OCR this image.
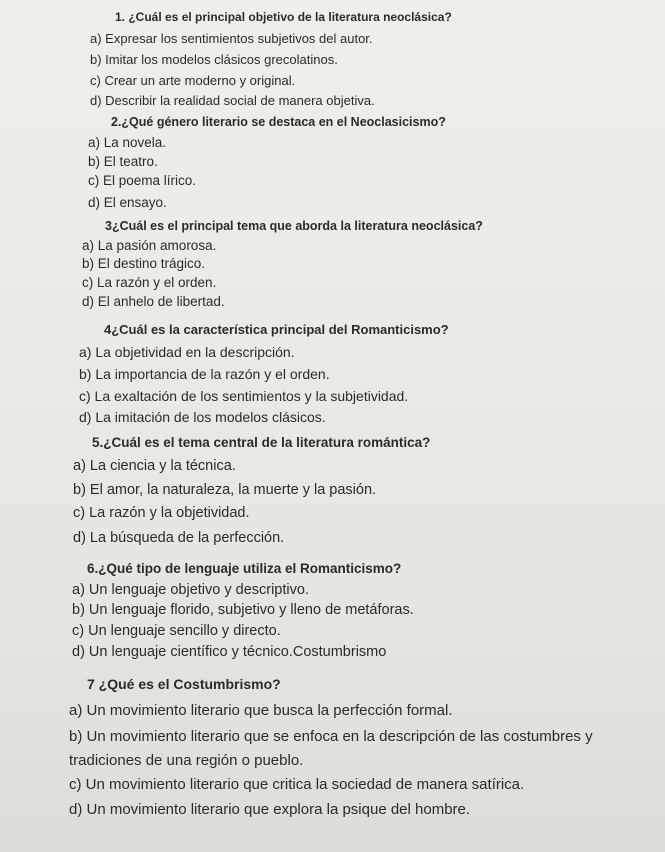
1. ¿Cuál es el principal objetivo de la literatura neoclásica?
a) Expresar los sentimientos subjetivos del autor.
b) Imitar los modelos clásicos grecolatinos.
c) Crear un arte moderno y original.
d) Describir la realidad social de manera objetiva.
2.¿Qué género literario se destaca en el Neoclasicismo?
a) La novela.
b) El teatro.
c) El poema lírico.
d) El ensayo.
3¿Cuál es el principal tema que aborda la literatura neoclásica?
a) La pasión amorosa.
b) El destino trágico.
c) La razón y el orden.
d) El anhelo de libertad.
4¿Cuál es la característica principal del Romanticismo?
a) La objetividad en la descripción.
b) La importancia de la razón y el orden.
c) La exaltación de los sentimientos y la subjetividad.
d) La imitación de los modelos clásicos.
5.¿Cuál es el tema central de la literatura romántica?
a) La ciencia y la técnica.
b) El amor, la naturaleza, la muerte y la pasión.
c) La razón y la objetividad.
d) La búsqueda de la perfección.
6.¿Qué tipo de lenguaje utiliza el Romanticismo?
a) Un lenguaje objetivo y descriptivo.
b) Un lenguaje florido, subjetivo y lleno de metáforas.
c) Un lenguaje sencillo y directo.
d) Un lenguaje científico y técnico.Costumbrismo
7 ¿Qué es el Costumbrismo?
a) Un movimiento literario que busca la perfección formal.
b) Un movimiento literario que se enfoca en la descripción de las costumbres y
tradiciones de una región o pueblo.
c) Un movimiento literario que critica la sociedad de manera satírica.
d) Un movimiento literario que explora la psique del hombre.
